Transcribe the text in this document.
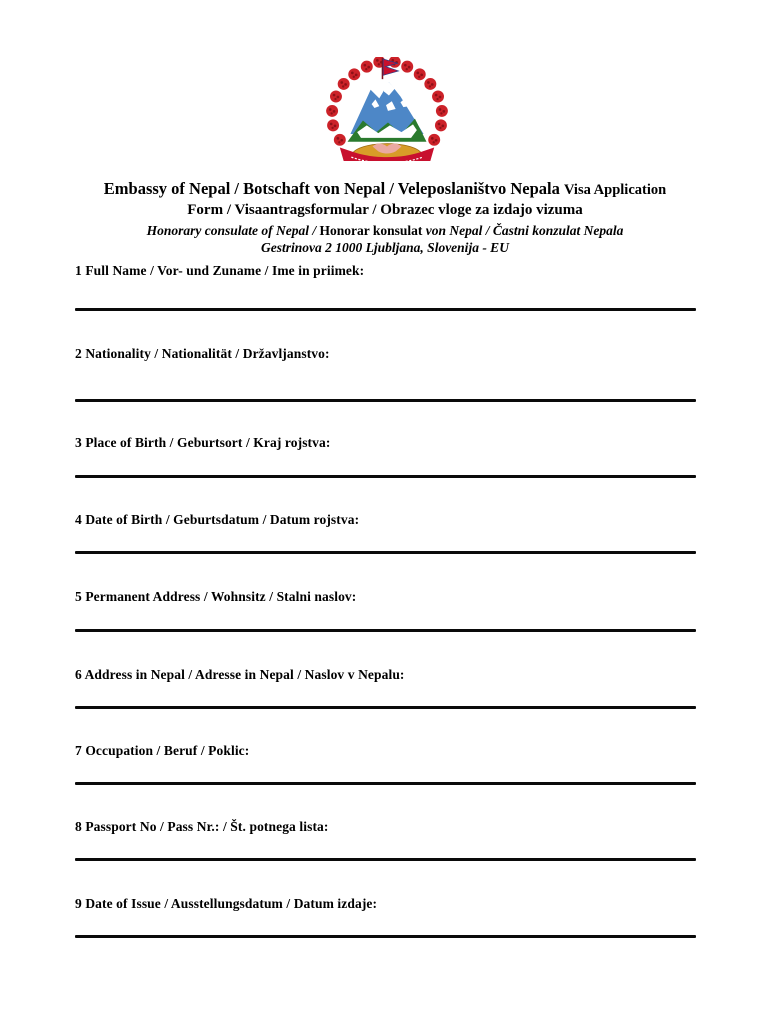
Embassy of Nepal / Botschaft von Nepal / Veleposlaništvo Nepala Visa Application
Form / Visaantragsformular / Obrazec vloge za izdajo vizuma
Honorary consulate of Nepal / Honorar konsulat von Nepal / Častni konzulat Nepala
Gestrinova 2 1000 Ljubljana, Slovenija - EU
1 Full Name / Vor- und Zuname / Ime in priimek:
2 Nationality / Nationalität / Državljanstvo:
3 Place of Birth / Geburtsort / Kraj rojstva:
4 Date of Birth / Geburtsdatum / Datum rojstva:
5 Permanent Address / Wohnsitz / Stalni naslov:
6 Address in Nepal / Adresse in Nepal / Naslov v Nepalu:
7 Occupation / Beruf / Poklic:
8 Passport No / Pass Nr.: / Št. potnega lista:
9 Date of Issue / Ausstellungsdatum / Datum izdaje:
